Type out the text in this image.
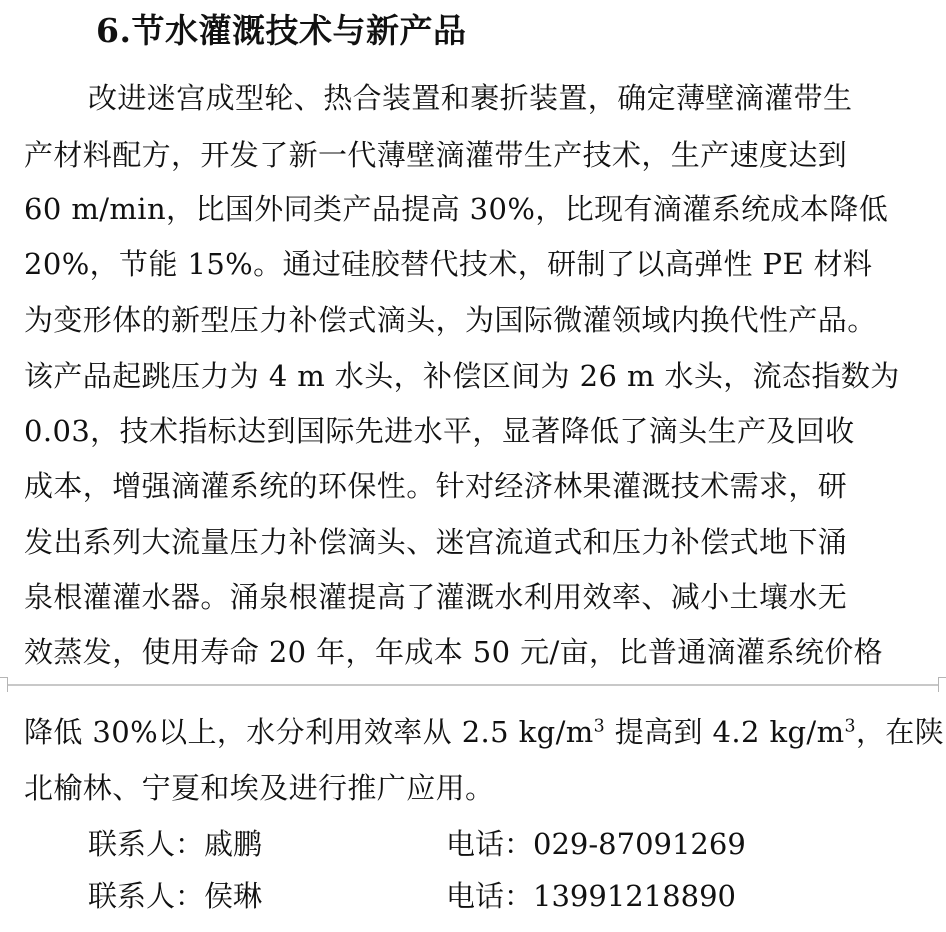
6.节水灌溉技术与新产品
改进迷宫成型轮、热合装置和裹折装置，确定薄壁滴灌带生
产材料配方，开发了新一代薄壁滴灌带生产技术，生产速度达到
60 m/min，比国外同类产品提高 30%，比现有滴灌系统成本降低
20%，节能 15%。通过硅胶替代技术，研制了以高弹性 PE 材料
为变形体的新型压力补偿式滴头，为国际微灌领域内换代性产品。
该产品起跳压力为 4 m 水头，补偿区间为 26 m 水头，流态指数为
0.03，技术指标达到国际先进水平，显著降低了滴头生产及回收
成本，增强滴灌系统的环保性。针对经济林果灌溉技术需求，研
发出系列大流量压力补偿滴头、迷宫流道式和压力补偿式地下涌
泉根灌灌水器。涌泉根灌提高了灌溉水利用效率、减小土壤水无
效蒸发，使用寿命 20 年，年成本 50 元/亩，比普通滴灌系统价格
降低 30%以上，水分利用效率从 2.5 $kg/m^3$ 提高到 4.2 $kg/m^3$，在陕
北榆林、宁夏和埃及进行推广应用。
联系人：戚鹏	电话：029-87091269
联系人：侯琳	电话：13991218890
